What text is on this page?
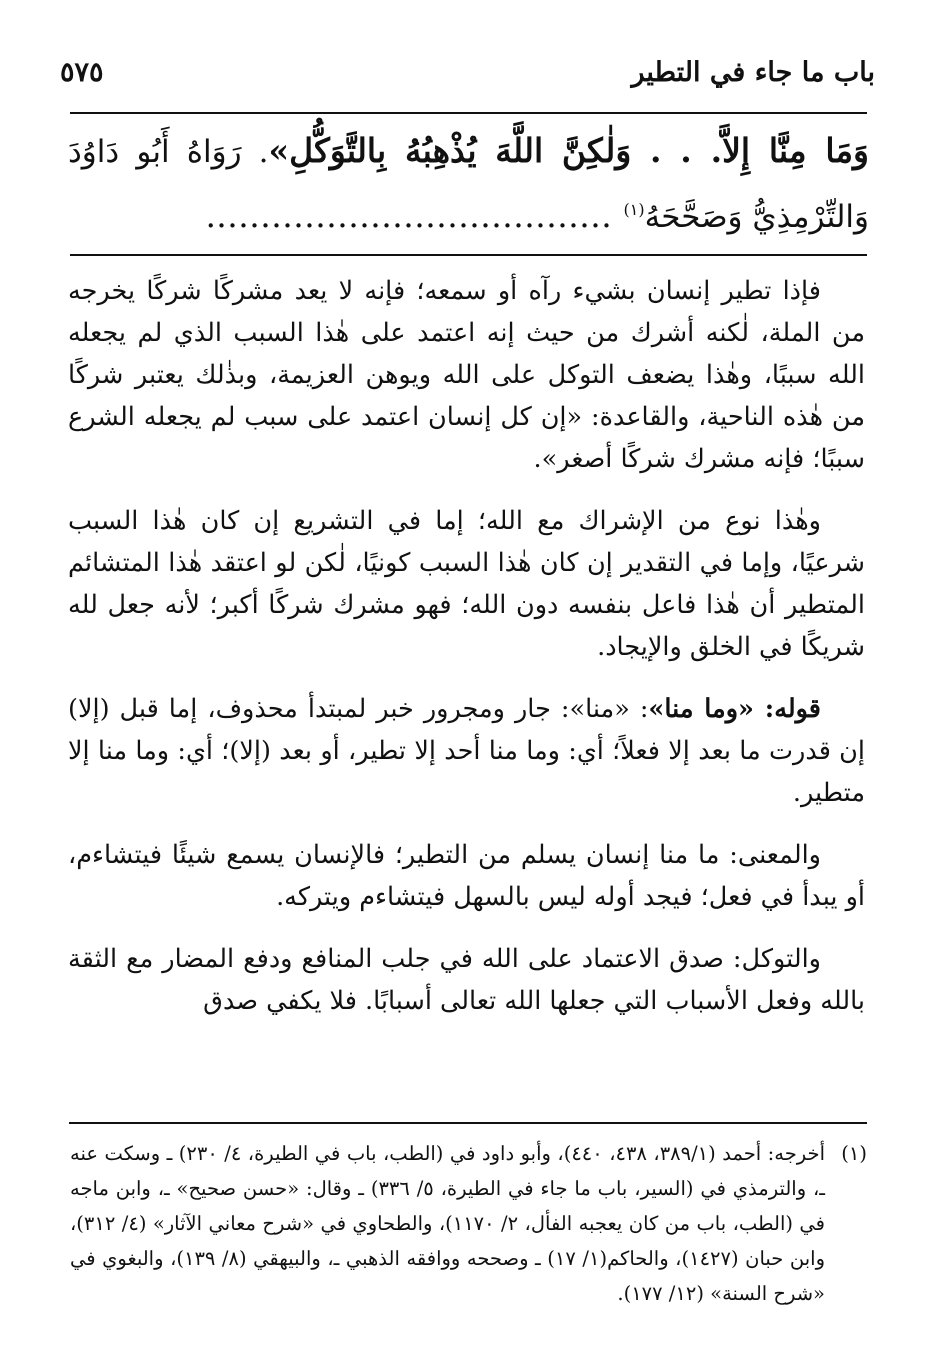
باب ما جاء في التطير
٥٧٥
وَمَا مِنَّا إِلاَّ. . . وَلٰكِنَّ اللَّهَ يُذْهِبُهُ بِالتَّوَكُّلِ». رَوَاهُ أَبُو دَاوُدَ وَالتِّرْمِذِيُّ وَصَحَّحَهُ$^{(١)}$ ……………………………….

فإذا تطير إنسان بشيء رآه أو سمعه؛ فإنه لا يعد مشركًا شركًا يخرجه من الملة، لٰكنه أشرك من حيث إنه اعتمد على هٰذا السبب الذي لم يجعله الله سببًا، وهٰذا يضعف التوكل على الله ويوهن العزيمة، وبذٰلك يعتبر شركًا من هٰذه الناحية، والقاعدة: «إن كل إنسان اعتمد على سبب لم يجعله الشرع سببًا؛ فإنه مشرك شركًا أصغر».

وهٰذا نوع من الإشراك مع الله؛ إما في التشريع إن كان هٰذا السبب شرعيًا، وإما في التقدير إن كان هٰذا السبب كونيًا، لٰكن لو اعتقد هٰذا المتشائم المتطير أن هٰذا فاعل بنفسه دون الله؛ فهو مشرك شركًا أكبر؛ لأنه جعل لله شريكًا في الخلق والإيجاد.

قوله: «وما منا»: «منا»: جار ومجرور خبر لمبتدأ محذوف، إما قبل (إلا) إن قدرت ما بعد إلا فعلاً؛ أي: وما منا أحد إلا تطير، أو بعد (إلا)؛ أي: وما منا إلا متطير.

والمعنى: ما منا إنسان يسلم من التطير؛ فالإنسان يسمع شيئًا فيتشاءم، أو يبدأ في فعل؛ فيجد أوله ليس بالسهل فيتشاءم ويتركه.

والتوكل: صدق الاعتماد على الله في جلب المنافع ودفع المضار مع الثقة بالله وفعل الأسباب التي جعلها الله تعالى أسبابًا. فلا يكفي صدق

(١)
أخرجه: أحمد (٣٨٩/١، ٤٣٨، ٤٤٠)، وأبو داود في (الطب، باب في الطيرة، ٤/ ٢٣٠) ـ وسكت عنه ـ، والترمذي في (السير، باب ما جاء في الطيرة، ٥/ ٣٣٦) ـ وقال: «حسن صحيح» ـ، وابن ماجه في (الطب، باب من كان يعجبه الفأل، ٢/ ١١٧٠)، والطحاوي في «شرح معاني الآثار» (٤/ ٣١٢)، وابن حبان (١٤٢٧)، والحاكم(١/ ١٧) ـ وصححه ووافقه الذهبي ـ، والبيهقي (٨/ ١٣٩)، والبغوي في «شرح السنة» (١٢/ ١٧٧).
